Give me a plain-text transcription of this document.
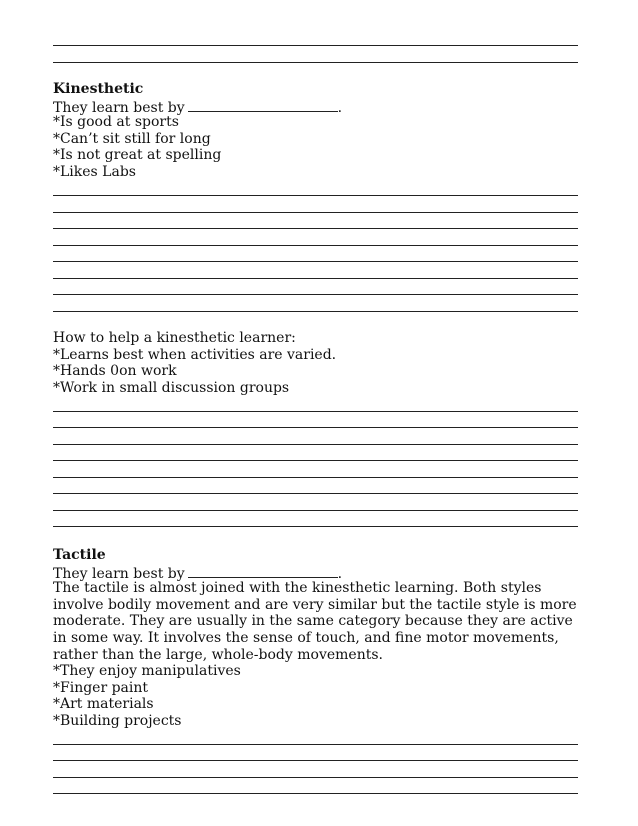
Kinesthetic
They learn best by	.
*Is good at sports
*Can’t sit still for long
*Is not great at spelling
*Likes Labs
How to help a kinesthetic learner:
*Learns best when activities are varied.
*Hands 0on work
*Work in small discussion groups
Tactile
They learn best by	.
The tactile is almost joined with the kinesthetic learning. Both styles involve bodily movement and are very similar but the tactile style is more moderate. They are usually in the same category because they are active in some way. It involves the sense of touch, and fine motor movements, rather than the large, whole-body movements.
*They enjoy manipulatives
*Finger paint
*Art materials
*Building projects
